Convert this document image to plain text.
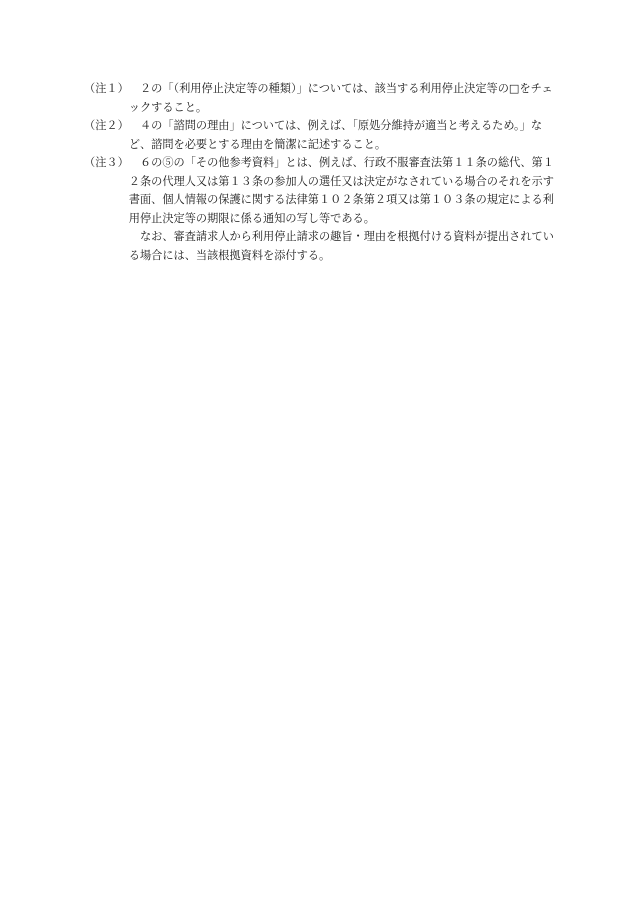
（注１） ２の「（利用停止決定等の種類）」については、該当する利用停止決定等の□をチェックすること。

（注２） ４の「諮問の理由」については、例えば、「原処分維持が適当と考えるため。」など、諮問を必要とする理由を簡潔に記述すること。

（注３） ６の⑤の「その他参考資料」とは、例えば、行政不服審査法第１１条の総代、第１２条の代理人又は第１３条の参加人の選任又は決定がなされている場合のそれを示す書面、個人情報の保護に関する法律第１０２条第２項又は第１０３条の規定による利用停止決定等の期限に係る通知の写し等である。

なお、審査請求人から利用停止請求の趣旨・理由を根拠付ける資料が提出されている場合には、当該根拠資料を添付する。
